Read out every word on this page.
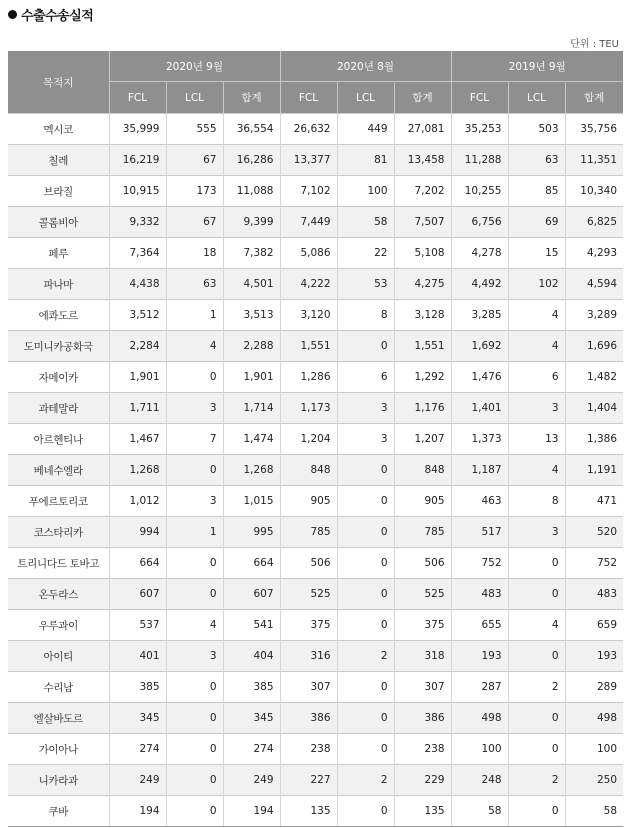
수출수송실적
단위 : TEU
목적지	2020년 9월			2020년 8월			2019년 9월		
	FCL	LCL	합계	FCL	LCL	합계	FCL	LCL	합계
멕시코	35,999	555	36,554	26,632	449	27,081	35,253	503	35,756
칠레	16,219	67	16,286	13,377	81	13,458	11,288	63	11,351
브라질	10,915	173	11,088	7,102	100	7,202	10,255	85	10,340
콜롬비아	9,332	67	9,399	7,449	58	7,507	6,756	69	6,825
페루	7,364	18	7,382	5,086	22	5,108	4,278	15	4,293
파나마	4,438	63	4,501	4,222	53	4,275	4,492	102	4,594
에콰도르	3,512	1	3,513	3,120	8	3,128	3,285	4	3,289
도미니카공화국	2,284	4	2,288	1,551	0	1,551	1,692	4	1,696
자메이카	1,901	0	1,901	1,286	6	1,292	1,476	6	1,482
과테말라	1,711	3	1,714	1,173	3	1,176	1,401	3	1,404
아르헨티나	1,467	7	1,474	1,204	3	1,207	1,373	13	1,386
베네수엘라	1,268	0	1,268	848	0	848	1,187	4	1,191
푸에르토리코	1,012	3	1,015	905	0	905	463	8	471
코스타리카	994	1	995	785	0	785	517	3	520
트리니다드 토바고	664	0	664	506	0	506	752	0	752
온두라스	607	0	607	525	0	525	483	0	483
우루과이	537	4	541	375	0	375	655	4	659
아이티	401	3	404	316	2	318	193	0	193
수리남	385	0	385	307	0	307	287	2	289
엘살바도르	345	0	345	386	0	386	498	0	498
가이아나	274	0	274	238	0	238	100	0	100
니카라과	249	0	249	227	2	229	248	2	250
쿠바	194	0	194	135	0	135	58	0	58
